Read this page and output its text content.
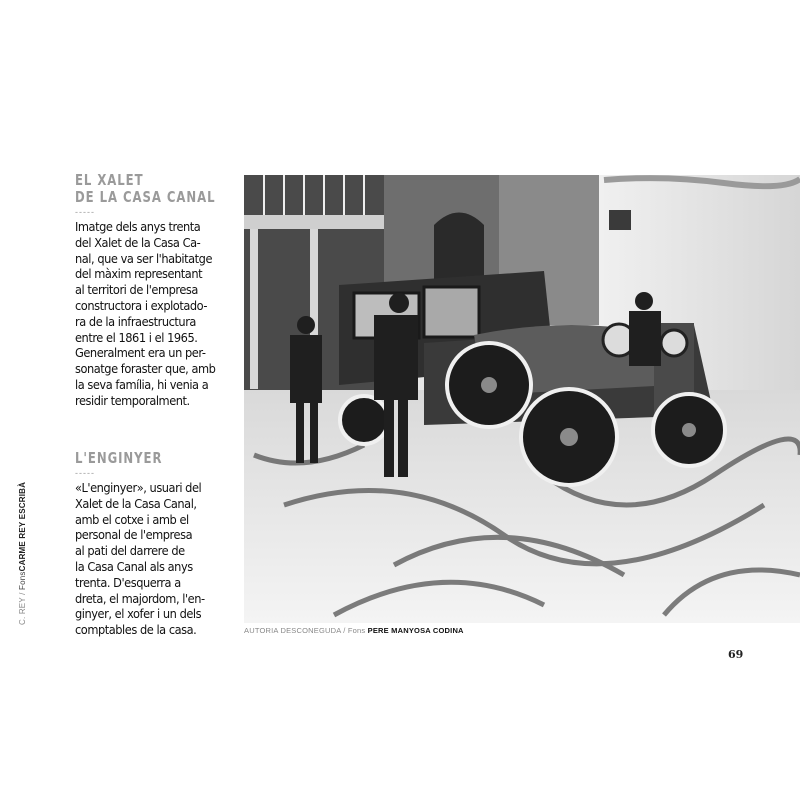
C. REY / FonsCARME REY ESCRIBÀ
EL XALET
DE LA CASA CANAL
-----
Imatge dels anys trenta
del Xalet de la Casa Ca-
nal, que va ser l'habitatge
del màxim representant
al territori de l'empresa
constructora i explotado-
ra de la infraestructura
entre el 1861 i el 1965.
Generalment era un per-
sonatge foraster que, amb
la seva família, hi venia a
residir temporalment.
L'ENGINYER
-----
«L'enginyer», usuari del
Xalet de la Casa Canal,
amb el cotxe i amb el
personal de l'empresa
al pati del darrere de
la Casa Canal als anys
trenta. D'esquerra a
dreta, el majordom, l'en-
ginyer, el xofer i un dels
comptables de la casa.	AUTORIA DESCONEGUDA / Fons PERE MANYOSA CODINA
69
